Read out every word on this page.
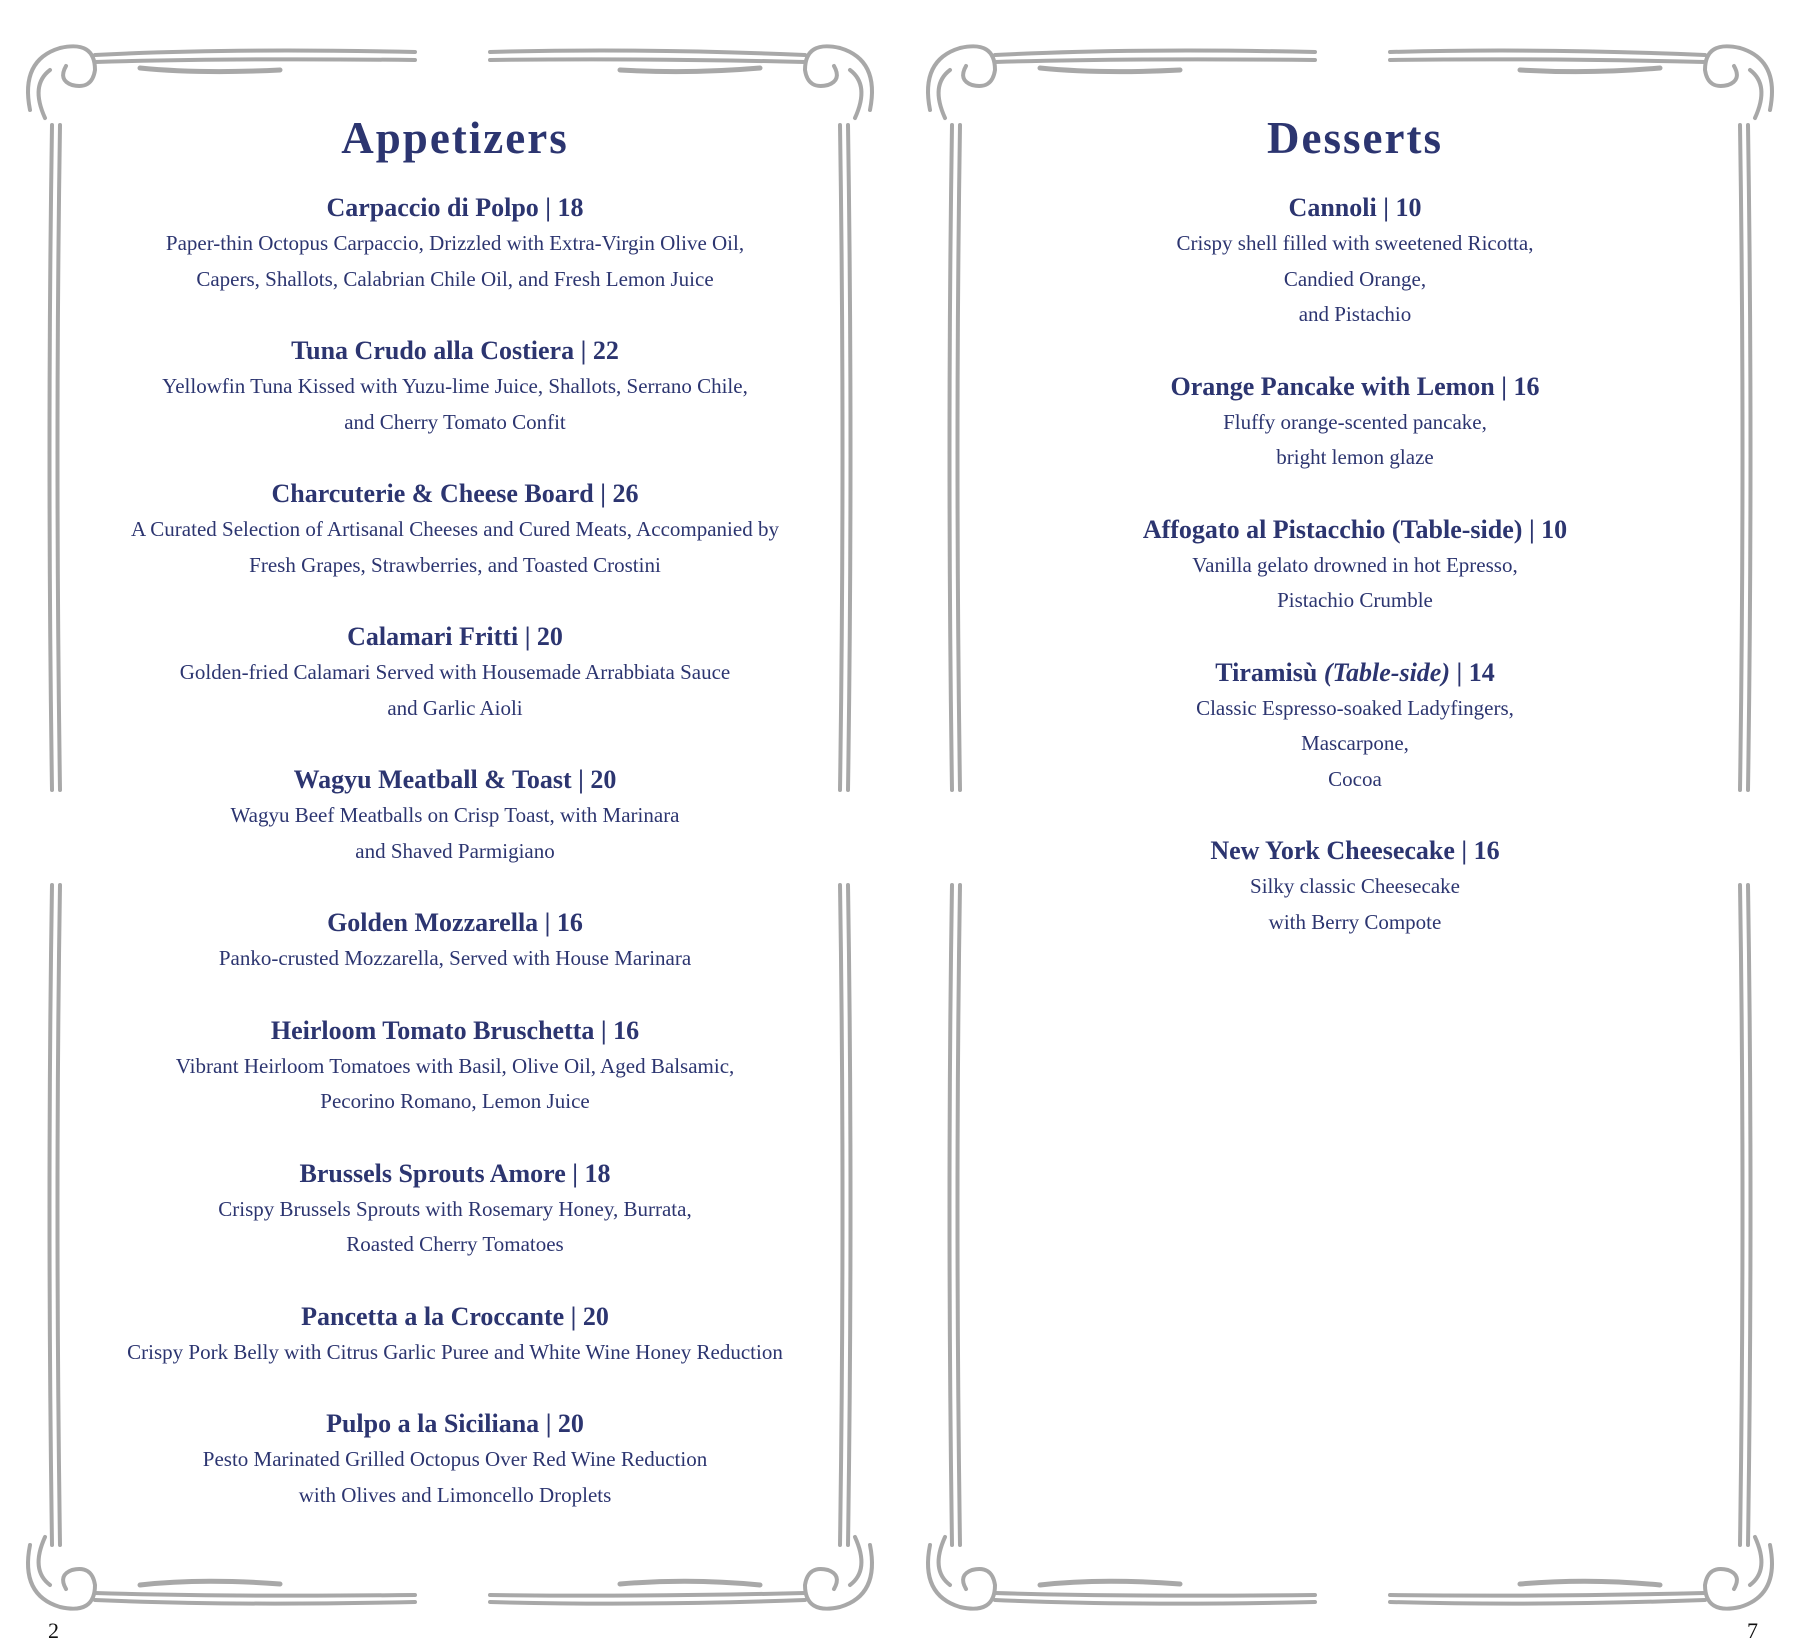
Appetizers
Carpaccio di Polpo | 18
Paper-thin Octopus Carpaccio, Drizzled with Extra-Virgin Olive Oil,
Capers, Shallots, Calabrian Chile Oil, and Fresh Lemon Juice
Tuna Crudo alla Costiera | 22
Yellowfin Tuna Kissed with Yuzu-lime Juice, Shallots, Serrano Chile,
and Cherry Tomato Confit
Charcuterie & Cheese Board | 26
A Curated Selection of Artisanal Cheeses and Cured Meats, Accompanied by
Fresh Grapes, Strawberries, and Toasted Crostini
Calamari Fritti | 20
Golden-fried Calamari Served with Housemade Arrabbiata Sauce
and Garlic Aioli
Wagyu Meatball & Toast | 20
Wagyu Beef Meatballs on Crisp Toast, with Marinara
and Shaved Parmigiano
Golden Mozzarella | 16
Panko-crusted Mozzarella, Served with House Marinara
Heirloom Tomato Bruschetta | 16
Vibrant Heirloom Tomatoes with Basil, Olive Oil, Aged Balsamic,
Pecorino Romano, Lemon Juice
Brussels Sprouts Amore | 18
Crispy Brussels Sprouts with Rosemary Honey, Burrata,
Roasted Cherry Tomatoes
Pancetta a la Croccante | 20
Crispy Pork Belly with Citrus Garlic Puree and White Wine Honey Reduction
Pulpo a la Siciliana | 20
Pesto Marinated Grilled Octopus Over Red Wine Reduction
with Olives and Limoncello Droplets
2
Desserts
Cannoli | 10
Crispy shell filled with sweetened Ricotta,
Candied Orange,
and Pistachio
Orange Pancake with Lemon | 16
Fluffy orange-scented pancake,
bright lemon glaze
Affogato al Pistacchio (Table-side) | 10
Vanilla gelato drowned in hot Epresso,
Pistachio Crumble
Tiramisù (Table-side) | 14
Classic Espresso-soaked Ladyfingers,
Mascarpone,
Cocoa
New York Cheesecake | 16
Silky classic Cheesecake
with Berry Compote
7
